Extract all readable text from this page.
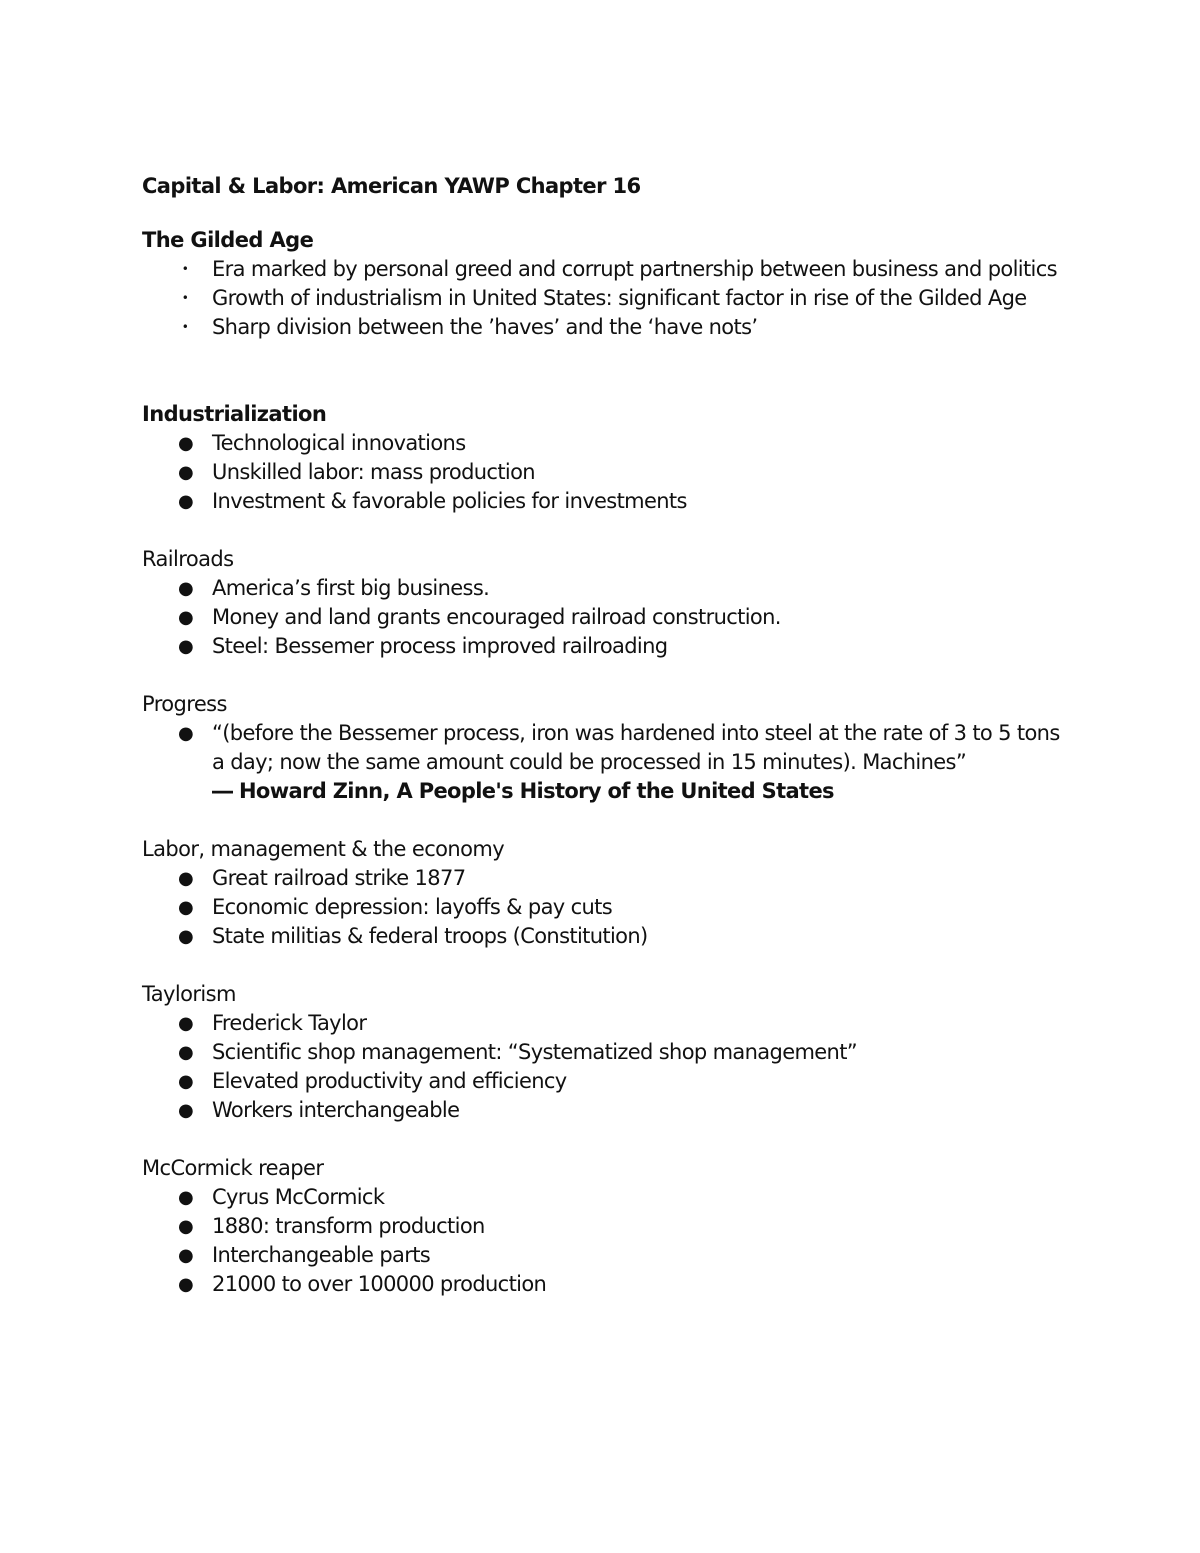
Capital & Labor: American YAWP Chapter 16
The Gilded Age
• Era marked by personal greed and corrupt partnership between business and politics
• Growth of industrialism in United States: significant factor in rise of the Gilded Age
• Sharp division between the ’haves’ and the ‘have nots’
Industrialization
● Technological innovations
● Unskilled labor: mass production
● Investment & favorable policies for investments
Railroads
● America’s first big business.
● Money and land grants encouraged railroad construction.
● Steel: Bessemer process improved railroading
Progress
● “(before the Bessemer process, iron was hardened into steel at the rate of 3 to 5 tons a day; now the same amount could be processed in 15 minutes). Machines”
― Howard Zinn, A People's History of the United States
Labor, management & the economy
● Great railroad strike 1877
● Economic depression: layoffs & pay cuts
● State militias & federal troops (Constitution)
Taylorism
● Frederick Taylor
● Scientific shop management: “Systematized shop management”
● Elevated productivity and efficiency
● Workers interchangeable
McCormick reaper
● Cyrus McCormick
● 1880: transform production
● Interchangeable parts
● 21000 to over 100000 production
